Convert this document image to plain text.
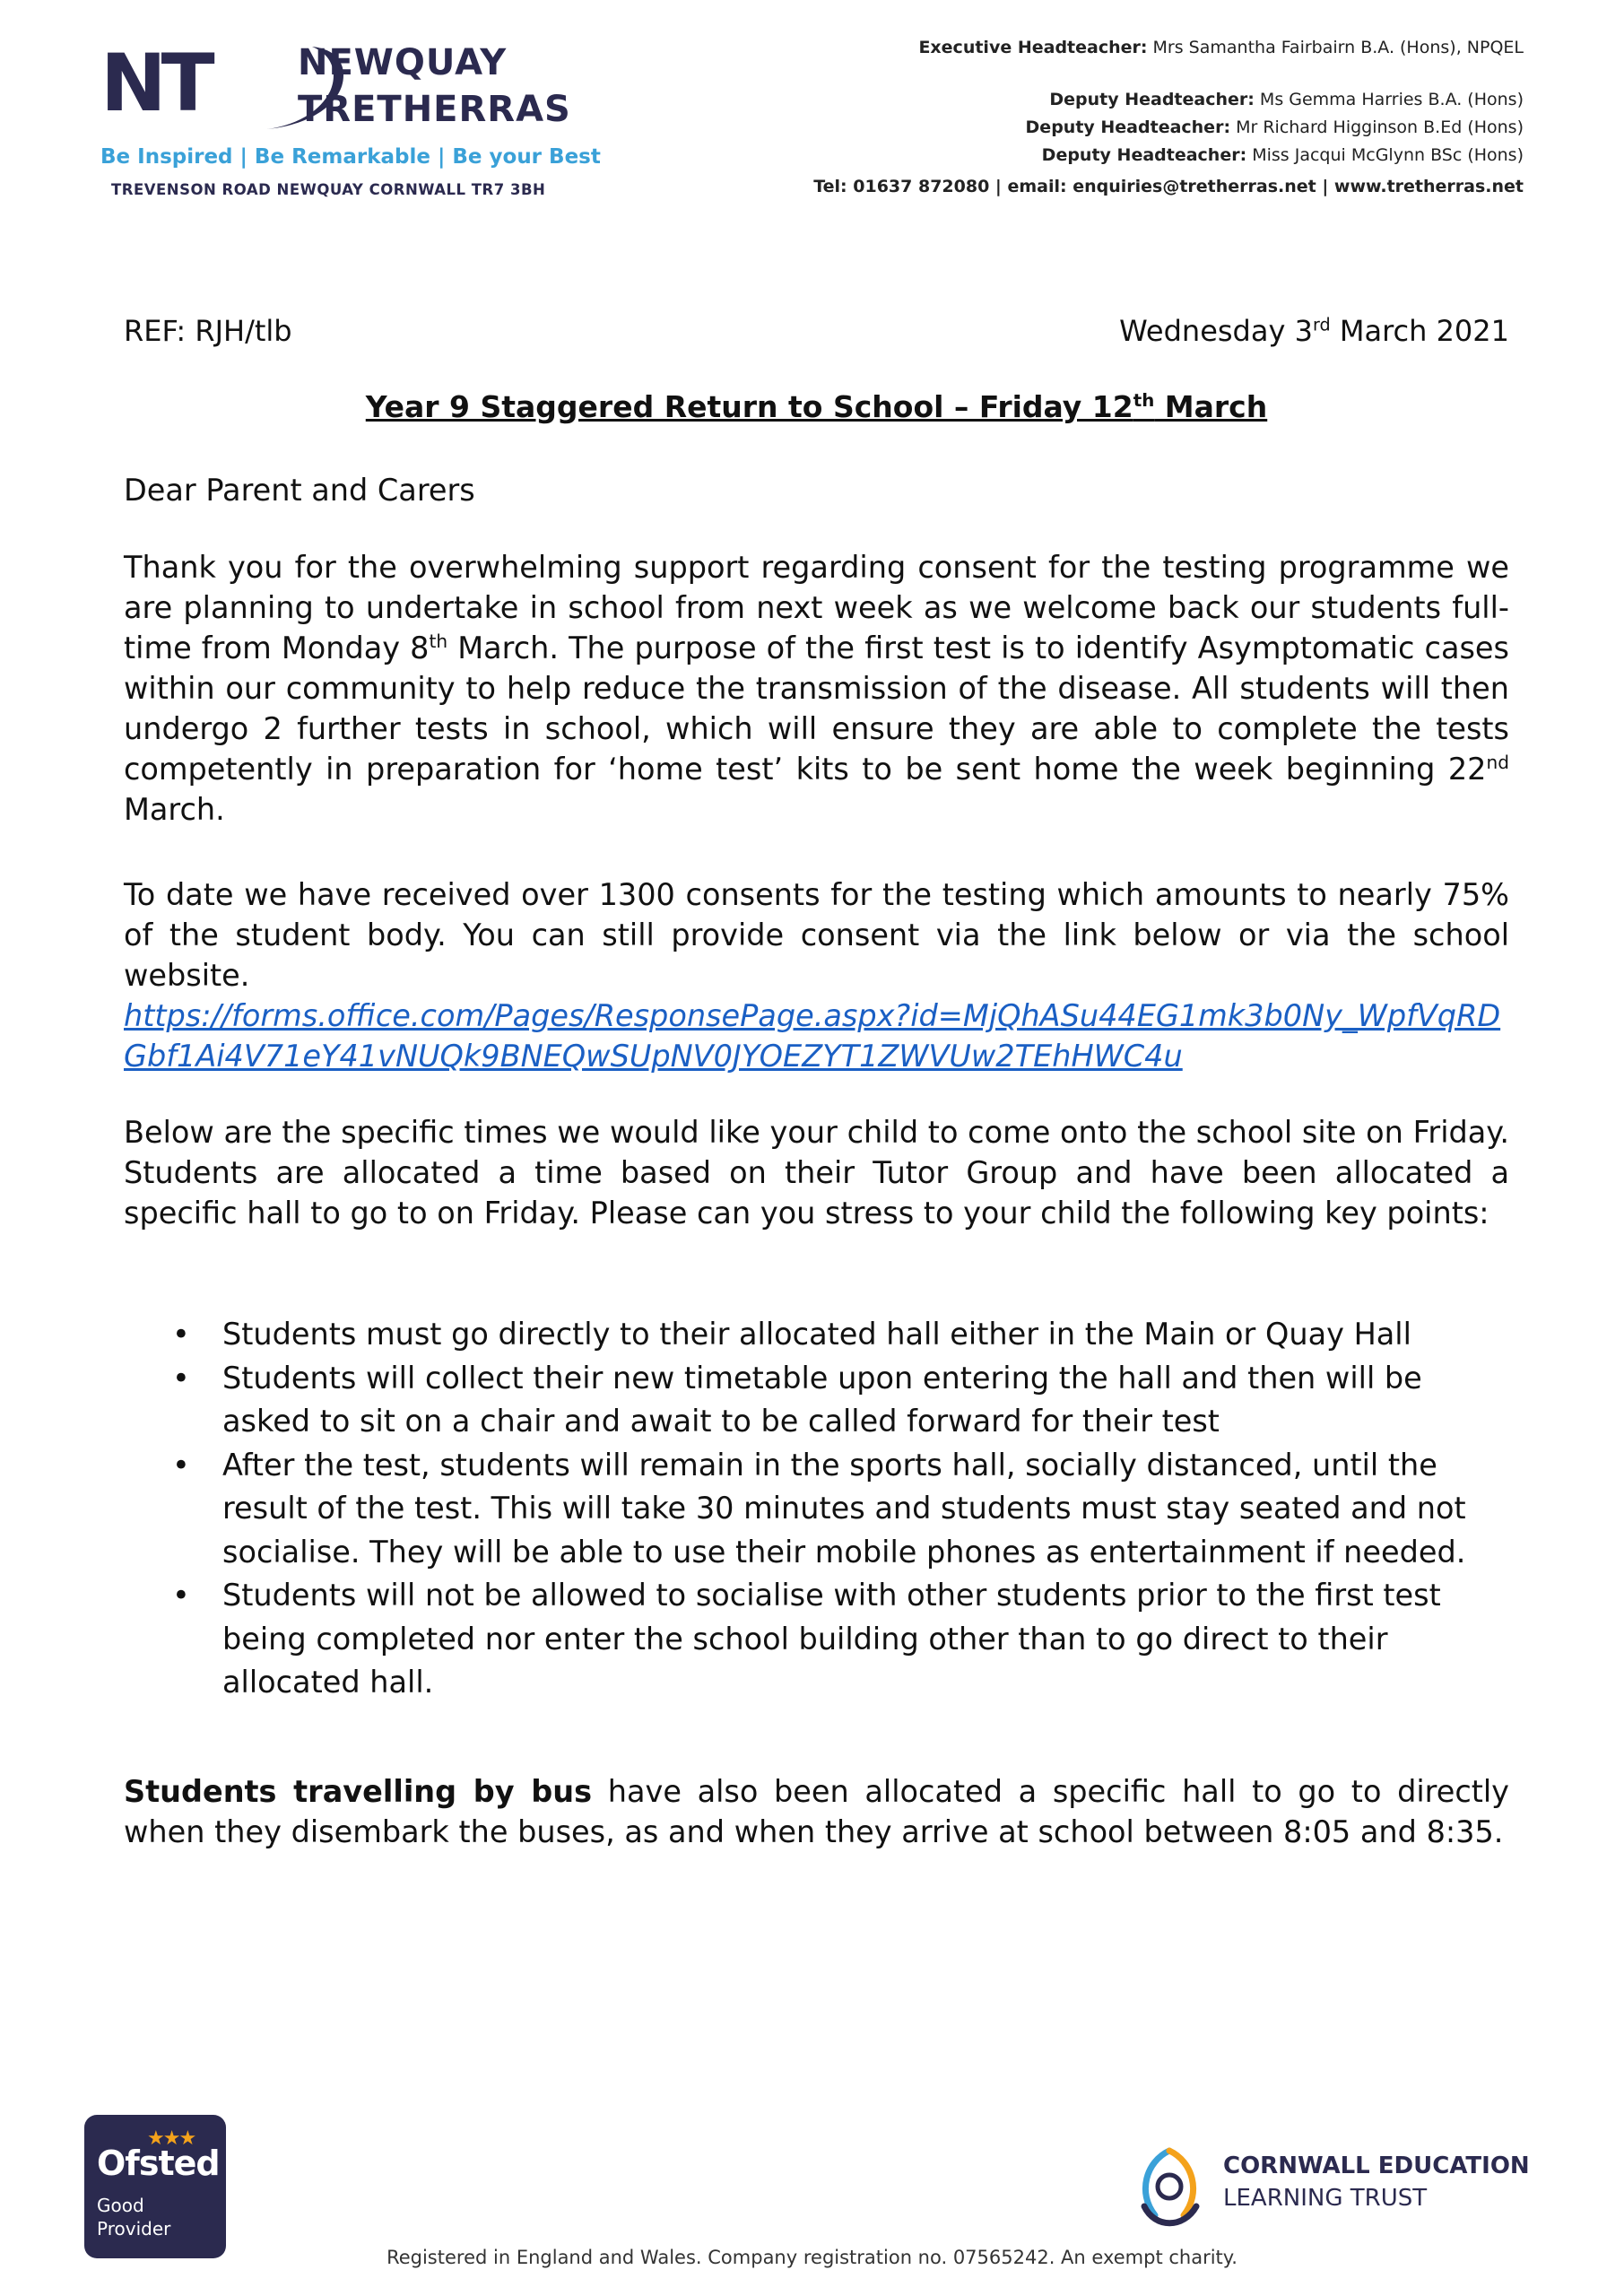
NT NEWQUAY
TRETHERRAS
Be Inspired | Be Remarkable | Be your Best
TREVENSON ROAD NEWQUAY CORNWALL TR7 3BH
Executive Headteacher: Mrs Samantha Fairbairn B.A. (Hons), NPQEL
Deputy Headteacher: Ms Gemma Harries B.A. (Hons)
Deputy Headteacher: Mr Richard Higginson B.Ed (Hons)
Deputy Headteacher: Miss Jacqui McGlynn BSc (Hons)
Tel: 01637 872080 | email: enquiries@tretherras.net | www.tretherras.net
REF: RJH/tlb	Wednesday 3rd March 2021
Year 9 Staggered Return to School – Friday 12th March
Dear Parent and Carers
Thank you for the overwhelming support regarding consent for the testing programme we are planning to undertake in school from next week as we welcome back our students full-time from Monday 8th March. The purpose of the first test is to identify Asymptomatic cases within our community to help reduce the transmission of the disease. All students will then undergo 2 further tests in school, which will ensure they are able to complete the tests competently in preparation for ‘home test’ kits to be sent home the week beginning 22nd March.
To date we have received over 1300 consents for the testing which amounts to nearly 75% of the student body. You can still provide consent via the link below or via the school website.
https://forms.office.com/Pages/ResponsePage.aspx?id=MjQhASu44EG1mk3b0Ny_WpfVqRDGbf1Ai4V71eY41vNUQk9BNEQwSUpNV0JYOEZYT1ZWVUw2TEhHWC4u
Below are the specific times we would like your child to come onto the school site on Friday. Students are allocated a time based on their Tutor Group and have been allocated a specific hall to go to on Friday. Please can you stress to your child the following key points:
• Students must go directly to their allocated hall either in the Main or Quay Hall
• Students will collect their new timetable upon entering the hall and then will be asked to sit on a chair and await to be called forward for their test
• After the test, students will remain in the sports hall, socially distanced, until the result of the test. This will take 30 minutes and students must stay seated and not socialise. They will be able to use their mobile phones as entertainment if needed.
• Students will not be allowed to socialise with other students prior to the first test being completed nor enter the school building other than to go direct to their allocated hall.
Students travelling by bus have also been allocated a specific hall to go to directly when they disembark the buses, as and when they arrive at school between 8:05 and 8:35.
★★★
Ofsted
Good
Provider
CORNWALL EDUCATION
LEARNING TRUST
Registered in England and Wales. Company registration no. 07565242. An exempt charity.
